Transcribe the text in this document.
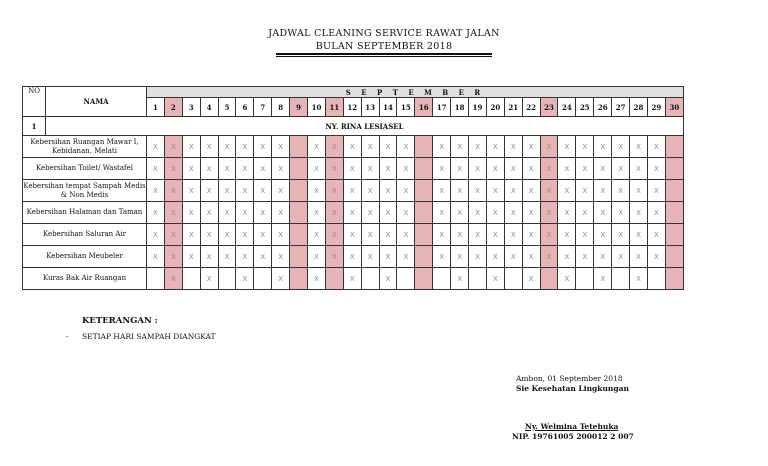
JADWAL CLEANING SERVICE RAWAT JALAN
BULAN SEPTEMBER 2018
NO	NAMA	S E P T E M B E R																													
		1	2	3	4	5	6	7	8	9	10	11	12	13	14	15	16	17	18	19	20	21	22	23	24	25	26	27	28	29	30
1	NY. RINA LESIASEL																														
Kebersihan Ruangan Mawar I, Kebidanan, Melati		X	X	X	X	X	X	X	X		X	X	X	X	X	X		X	X	X	X	X	X	X	X	X	X	X	X	X	
Kebersihan Toilet/ Wastafel		X	X	X	X	X	X	X	X		X	X	X	X	X	X		X	X	X	X	X	X	X	X	X	X	X	X	X	
Kebersihan tempat Sampah Medis & Non Medis		X	X	X	X	X	X	X	X		X	X	X	X	X	X		X	X	X	X	X	X	X	X	X	X	X	X	X	
Kebersihan Halaman dan Taman		X	X	X	X	X	X	X	X		X	X	X	X	X	X		X	X	X	X	X	X	X	X	X	X	X	X	X	
Kebersihan Saluran Air		X	X	X	X	X	X	X	X		X	X	X	X	X	X		X	X	X	X	X	X	X	X	X	X	X	X	X	
Kebersihan Meubeler		X	X	X	X	X	X	X	X		X	X	X	X	X	X		X	X	X	X	X	X	X	X	X	X	X	X	X	
Kuras Bak Air Ruangan			X		X		X		X		X		X		X				X		X		X		X		X		X		
KETERANGAN :
- SETIAP HARI SAMPAH DIANGKAT
Ambon, 01 September 2018
Sie Kesehatan Lingkungan
Ny. Welmina Tetehuka
NIP. 19761005 200012 2 007
